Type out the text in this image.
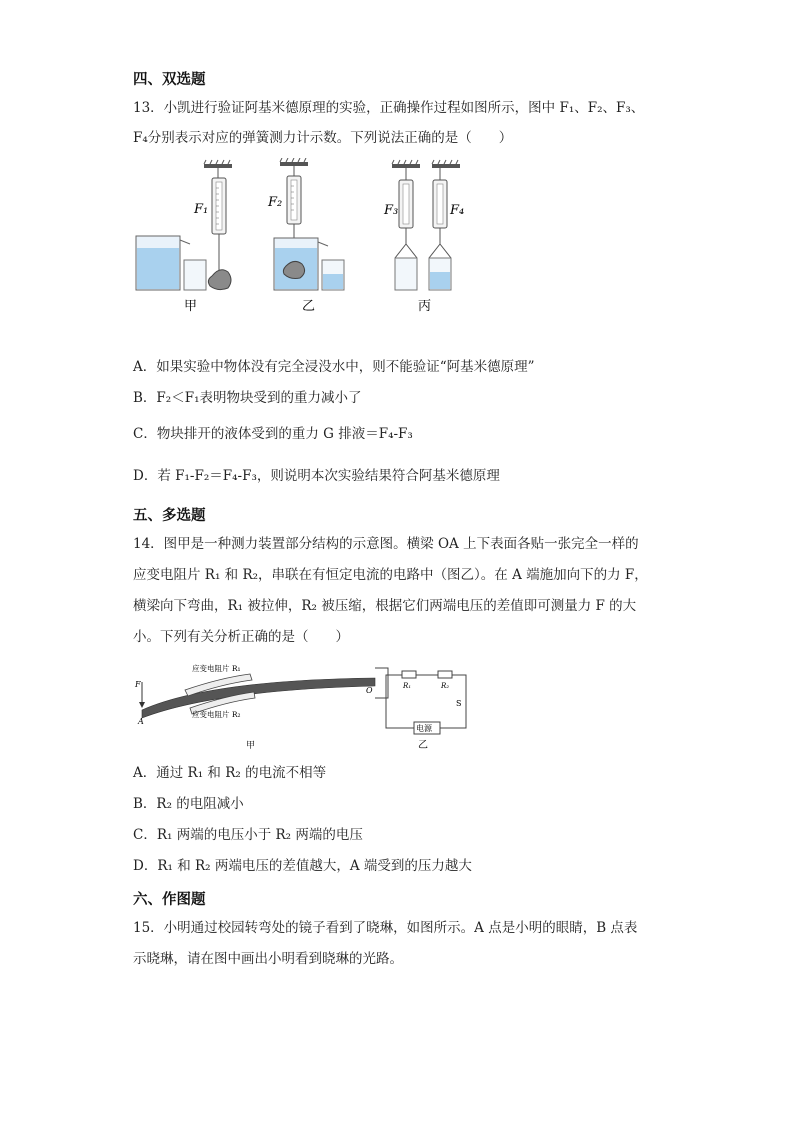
四、双选题
13．小凯进行验证阿基米德原理的实验，正确操作过程如图所示，图中 F₁、F₂、F₃、
F₄分别表示对应的弹簧测力计示数。下列说法正确的是（　　）
F₁	F₂
F₃	F₄
甲	乙	丙
A．如果实验中物体没有完全浸没水中，则不能验证“阿基米德原理”
B．F₂＜F₁表明物块受到的重力减小了
C．物块排开的液体受到的重力 G 排液＝F₄-F₃
D．若 F₁-F₂＝F₄-F₃，则说明本次实验结果符合阿基米德原理
五、多选题
14．图甲是一种测力装置部分结构的示意图。横梁 OA 上下表面各贴一张完全一样的
应变电阻片 R₁ 和 R₂，串联在有恒定电流的电路中（图乙）。在 A 端施加向下的力 F，
横梁向下弯曲，R₁ 被拉伸，R₂ 被压缩，根据它们两端电压的差值即可测量力 F 的大
小。下列有关分析正确的是（　　）
F
A
O
应变电阻片 R₁
应变电阻片 R₂
R₁	R₂
S
电源
甲	乙
A．通过 R₁ 和 R₂ 的电流不相等
B．R₂ 的电阻减小
C．R₁ 两端的电压小于 R₂ 两端的电压
D．R₁ 和 R₂ 两端电压的差值越大，A 端受到的压力越大
六、作图题
15．小明通过校园转弯处的镜子看到了晓琳，如图所示。A 点是小明的眼睛，B 点表
示晓琳，请在图中画出小明看到晓琳的光路。
